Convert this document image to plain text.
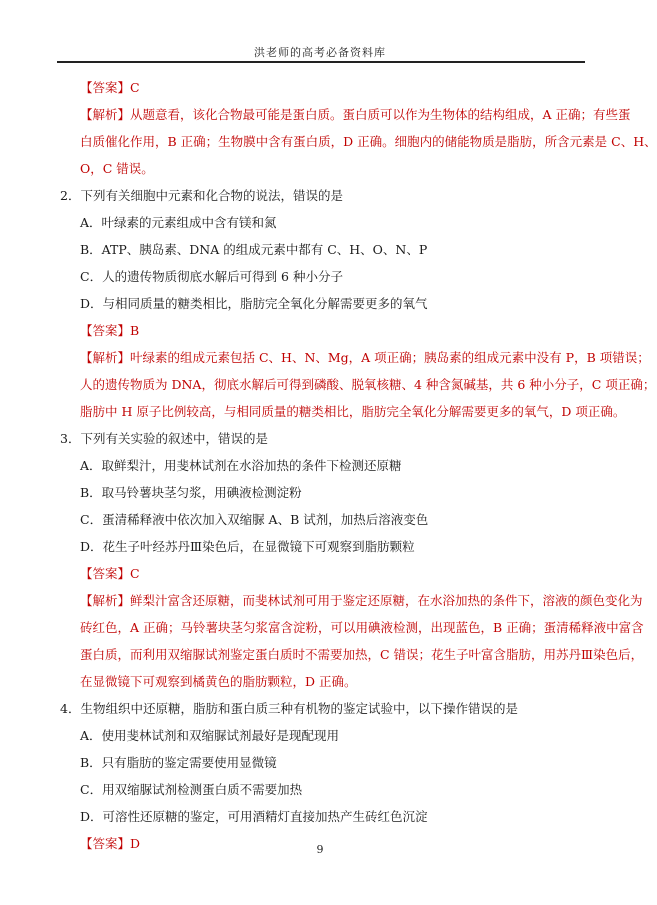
洪老师的高考必备资料库
【答案】C
【解析】从题意看，该化合物最可能是蛋白质。蛋白质可以作为生物体的结构组成，A 正确；有些蛋
白质催化作用，B 正确；生物膜中含有蛋白质，D 正确。细胞内的储能物质是脂肪，所含元素是 C、H、
O，C 错误。
2．下列有关细胞中元素和化合物的说法，错误的是
A．叶绿素的元素组成中含有镁和氮
B．ATP、胰岛素、DNA 的组成元素中都有 C、H、O、N、P
C．人的遗传物质彻底水解后可得到 6 种小分子
D．与相同质量的糖类相比，脂肪完全氧化分解需要更多的氧气
【答案】B
【解析】叶绿素的组成元素包括 C、H、N、Mg，A 项正确；胰岛素的组成元素中没有 P，B 项错误；
人的遗传物质为 DNA，彻底水解后可得到磷酸、脱氧核糖、4 种含氮碱基，共 6 种小分子，C 项正确；
脂肪中 H 原子比例较高，与相同质量的糖类相比，脂肪完全氧化分解需要更多的氧气，D 项正确。
3．下列有关实验的叙述中，错误的是
A．取鲜梨汁，用斐林试剂在水浴加热的条件下检测还原糖
B．取马铃薯块茎匀浆，用碘液检测淀粉
C．蛋清稀释液中依次加入双缩脲 A、B 试剂，加热后溶液变色
D．花生子叶经苏丹Ⅲ染色后，在显微镜下可观察到脂肪颗粒
【答案】C
【解析】鲜梨汁富含还原糖，而斐林试剂可用于鉴定还原糖，在水浴加热的条件下，溶液的颜色变化为
砖红色，A 正确；马铃薯块茎匀浆富含淀粉，可以用碘液检测，出现蓝色，B 正确；蛋清稀释液中富含
蛋白质，而利用双缩脲试剂鉴定蛋白质时不需要加热，C 错误；花生子叶富含脂肪，用苏丹Ⅲ染色后，
在显微镜下可观察到橘黄色的脂肪颗粒，D 正确。
4．生物组织中还原糖，脂肪和蛋白质三种有机物的鉴定试验中，以下操作错误的是
A．使用斐林试剂和双缩脲试剂最好是现配现用
B．只有脂肪的鉴定需要使用显微镜
C．用双缩脲试剂检测蛋白质不需要加热
D．可溶性还原糖的鉴定，可用酒精灯直接加热产生砖红色沉淀
【答案】D	9
